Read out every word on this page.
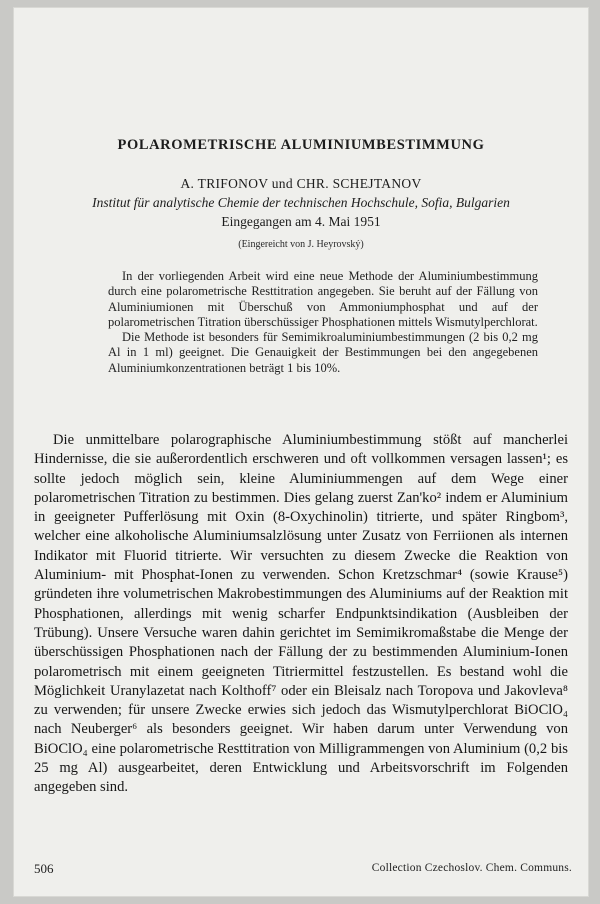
POLAROMETRISCHE ALUMINIUMBESTIMMUNG
A. TRIFONOV und CHR. SCHEJTANOV
Institut für analytische Chemie der technischen Hochschule, Sofia, Bulgarien
Eingegangen am 4. Mai 1951
(Eingereicht von J. Heyrovský)

In der vorliegenden Arbeit wird eine neue Methode der Aluminiumbestimmung durch eine polarometrische Resttitration angegeben. Sie beruht auf der Fällung von Aluminiumionen mit Überschuß von Ammoniumphosphat und auf der polarometrischen Titration überschüssiger Phosphationen mittels Wismutylperchlorat.

Die Methode ist besonders für Semimikroaluminiumbestimmungen (2 bis 0,2 mg Al in 1 ml) geeignet. Die Genauigkeit der Bestimmungen bei den angegebenen Aluminiumkonzentrationen beträgt 1 bis 10%.

Die unmittelbare polarographische Aluminiumbestimmung stößt auf mancherlei Hindernisse, die sie außerordentlich erschweren und oft vollkommen versagen lassen¹; es sollte jedoch möglich sein, kleine Aluminiummengen auf dem Wege einer polarometrischen Titration zu bestimmen. Dies gelang zuerst Zan'ko² indem er Aluminium in geeigneter Pufferlösung mit Oxin (8-Oxychinolin) titrierte, und später Ringbom³, welcher eine alkoholische Aluminiumsalzlösung unter Zusatz von Ferriionen als internen Indikator mit Fluorid titrierte. Wir versuchten zu diesem Zwecke die Reaktion von Aluminium- mit Phosphat-Ionen zu verwenden. Schon Kretzschmar⁴ (sowie Krause⁵) gründeten ihre volumetrischen Makrobestimmungen des Aluminiums auf der Reaktion mit Phosphationen, allerdings mit wenig scharfer Endpunktsindikation (Ausbleiben der Trübung). Unsere Versuche waren dahin gerichtet im Semimikromaßstabe die Menge der überschüssigen Phosphationen nach der Fällung der zu bestimmenden Aluminium-Ionen polarometrisch mit einem geeigneten Titriermittel festzustellen. Es bestand wohl die Möglichkeit Uranylazetat nach Kolthoff⁷ oder ein Bleisalz nach Toropova und Jakovleva⁸ zu verwenden; für unsere Zwecke erwies sich jedoch das Wismutylperchlorat BiOClO₄ nach Neuberger⁶ als besonders geeignet. Wir haben darum unter Verwendung von BiOClO₄ eine polarometrische Resttitration von Milligrammengen von Aluminium (0,2 bis 25 mg Al) ausgearbeitet, deren Entwicklung und Arbeitsvorschrift im Folgenden angegeben sind.

506	Collection Czechoslov. Chem. Communs.
